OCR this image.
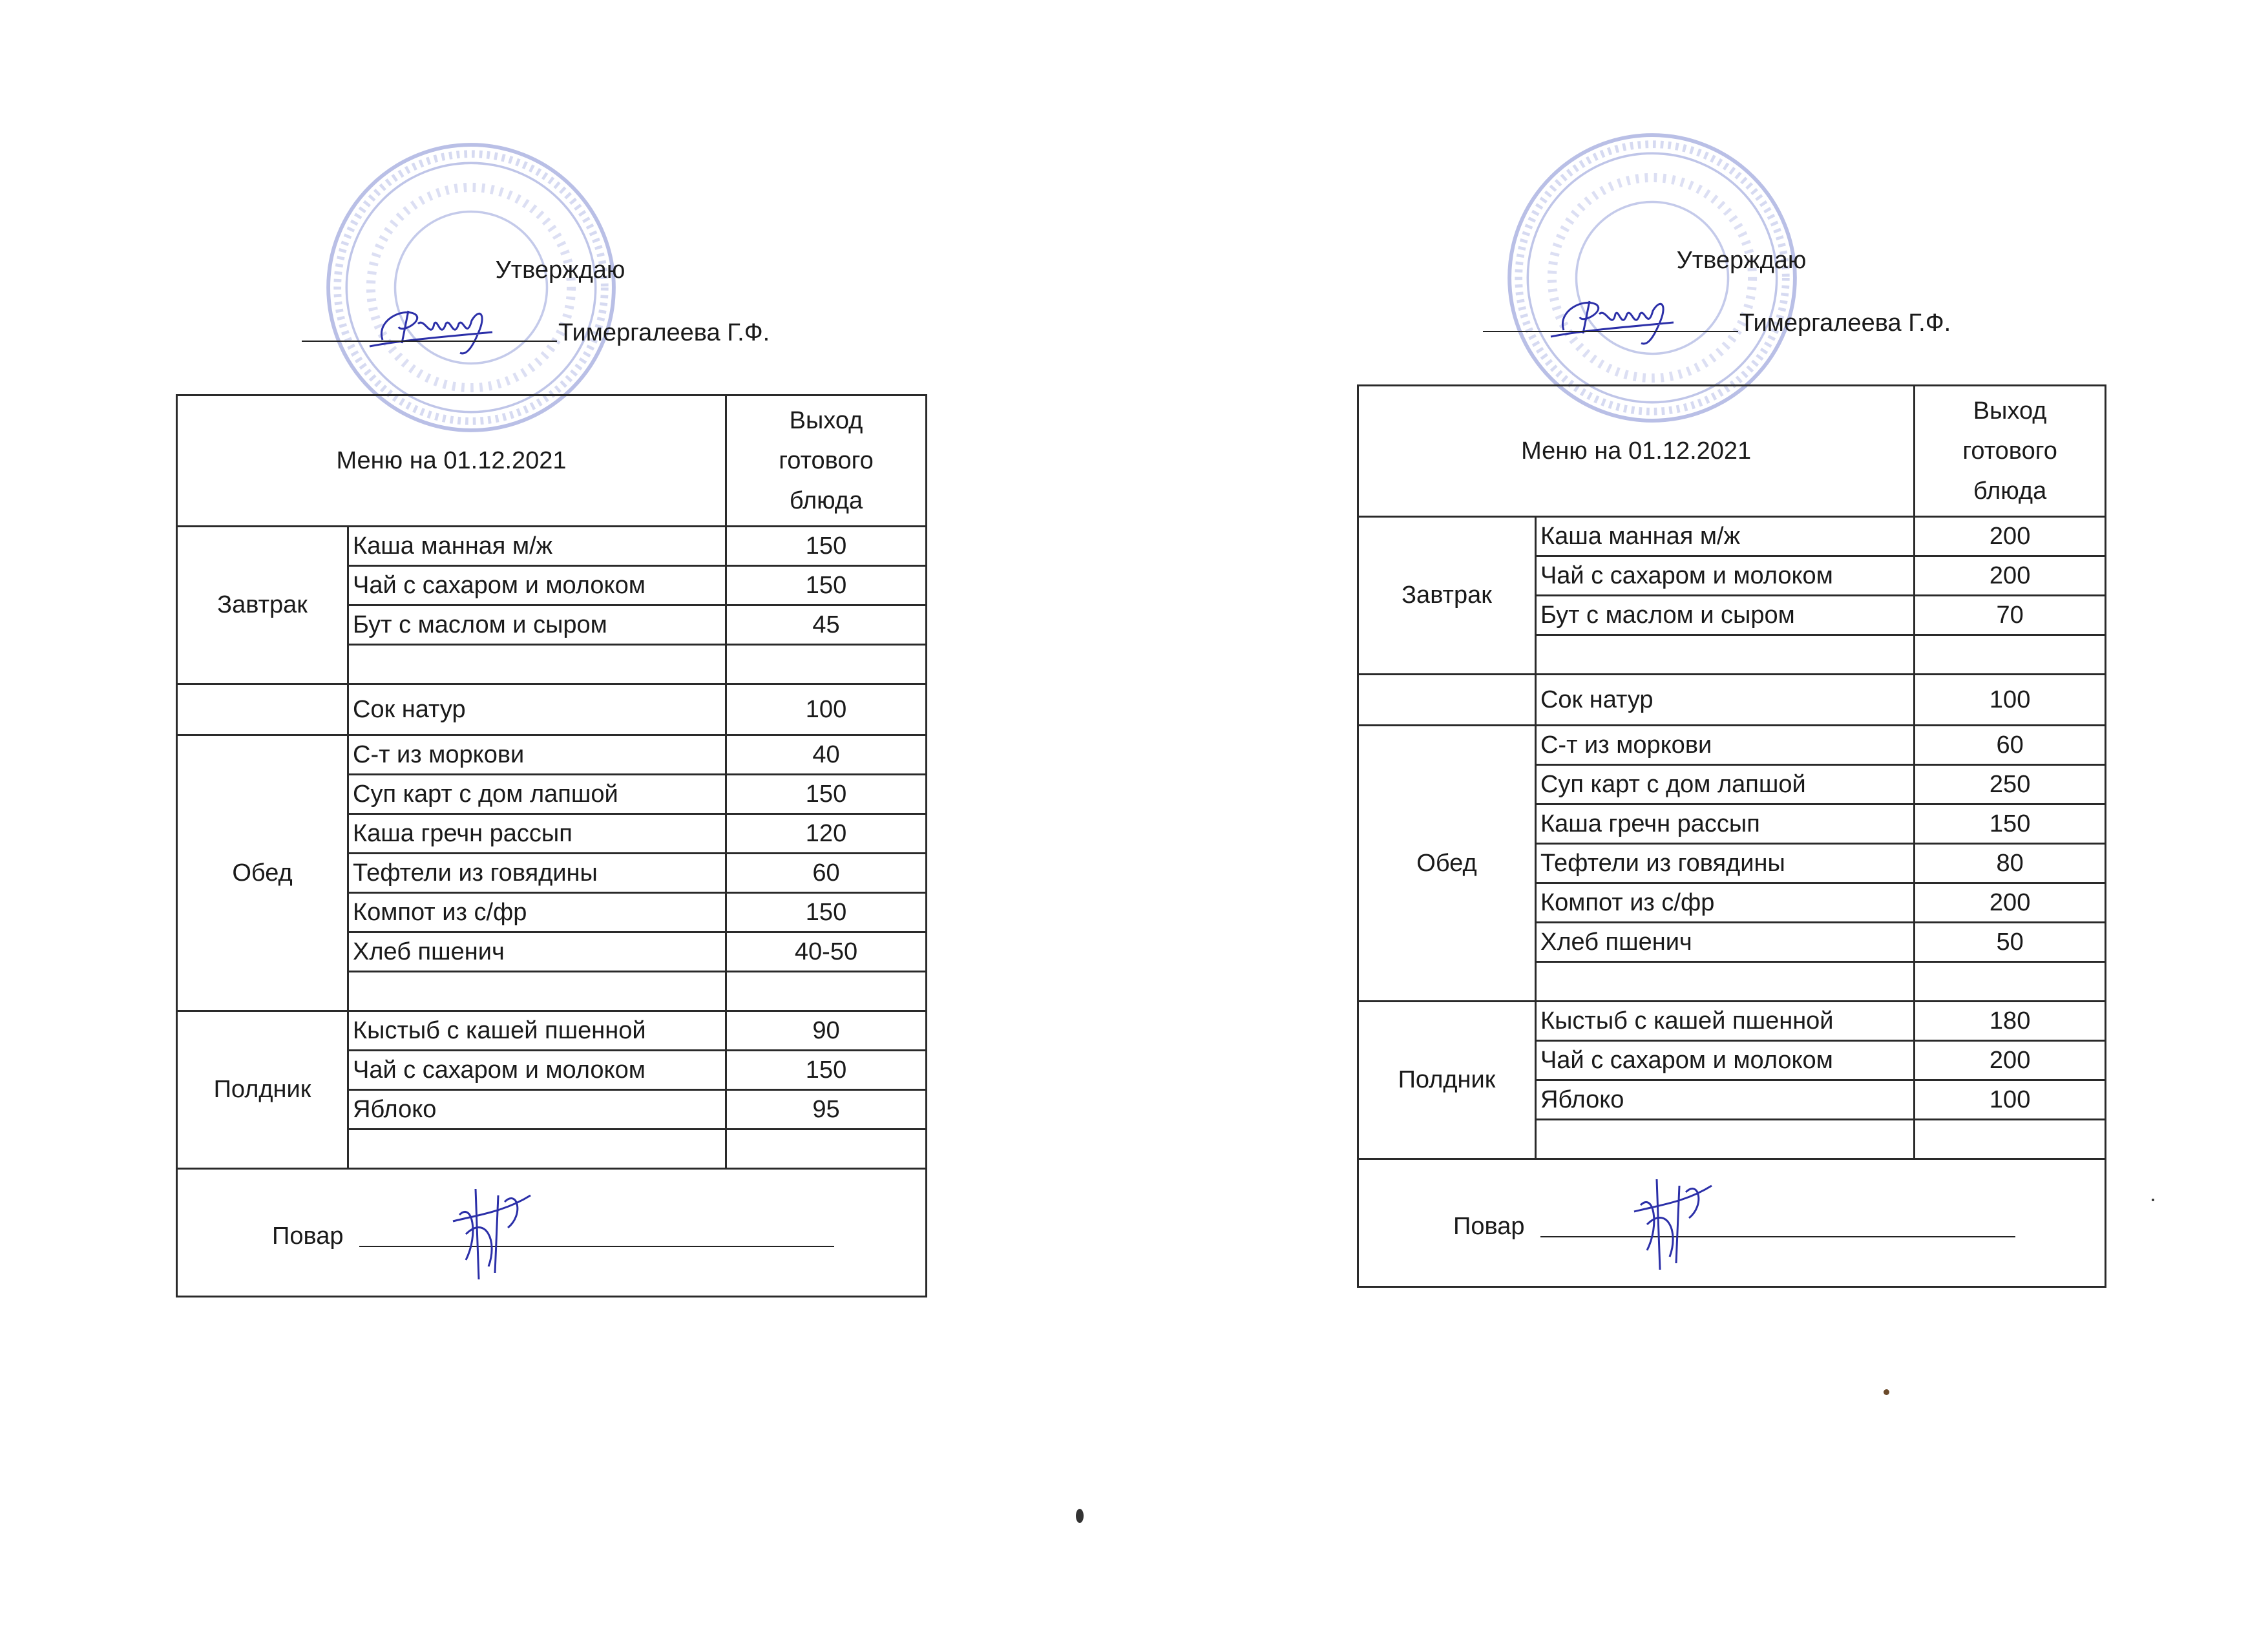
Утверждаю
Тимергалеева Г.Ф.
Меню на 01.12.2021		Выход
готового
блюда
Завтрак	Каша манная м/ж	150
	Чай с сахаром и молоком	150
	Бут с маслом и сыром	45

	Сок натур	100
Обед	С-т из моркови	40
	Суп карт с дом лапшой	150
	Каша гречн рассып	120
	Тефтели из говядины	60
	Компот из с/фр	150
	Хлеб пшенич	40-50

Полдник	Кыстыб с кашей пшенной	90
	Чай с сахаром и молоком	150
	Яблоко	95

Повар		
Утверждаю
Тимергалеева Г.Ф.
Меню на 01.12.2021		Выход
готового
блюда
Завтрак	Каша манная м/ж	200
	Чай с сахаром и молоком	200
	Бут с маслом и сыром	70

	Сок натур	100
Обед	С-т из моркови	60
	Суп карт с дом лапшой	250
	Каша гречн рассып	150
	Тефтели из говядины	80
	Компот из с/фр	200
	Хлеб пшенич	50

Полдник	Кыстыб с кашей пшенной	180
	Чай с сахаром и молоком	200
	Яблоко	100

Повар		
